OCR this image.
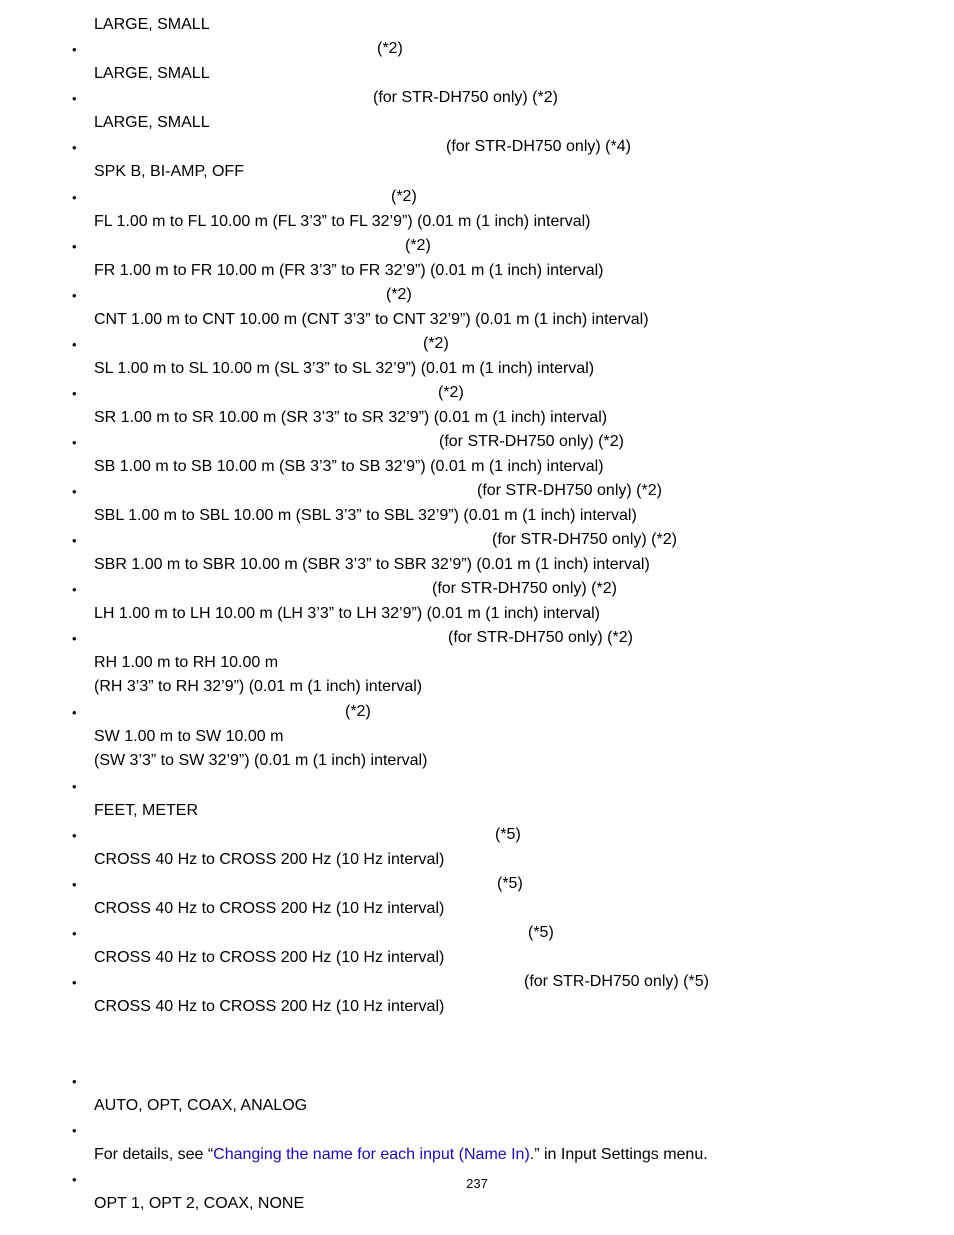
LARGE, SMALL
•	(*2)
LARGE, SMALL
•	(for STR-DH750 only) (*2)
LARGE, SMALL
•	(for STR-DH750 only) (*4)
SPK B, BI-AMP, OFF
•	(*2)
FL 1.00 m to FL 10.00 m (FL 3’3” to FL 32’9”) (0.01 m (1 inch) interval)
•	(*2)
FR 1.00 m to FR 10.00 m (FR 3’3” to FR 32’9”) (0.01 m (1 inch) interval)
•	(*2)
CNT 1.00 m to CNT 10.00 m (CNT 3’3” to CNT 32’9”) (0.01 m (1 inch) interval)
•	(*2)
SL 1.00 m to SL 10.00 m (SL 3’3” to SL 32’9”) (0.01 m (1 inch) interval)
•	(*2)
SR 1.00 m to SR 10.00 m (SR 3’3” to SR 32’9”) (0.01 m (1 inch) interval)
•	(for STR-DH750 only) (*2)
SB 1.00 m to SB 10.00 m (SB 3’3” to SB 32’9”) (0.01 m (1 inch) interval)
•	(for STR-DH750 only) (*2)
SBL 1.00 m to SBL 10.00 m (SBL 3’3” to SBL 32’9”) (0.01 m (1 inch) interval)
•	(for STR-DH750 only) (*2)
SBR 1.00 m to SBR 10.00 m (SBR 3’3” to SBR 32’9”) (0.01 m (1 inch) interval)
•	(for STR-DH750 only) (*2)
LH 1.00 m to LH 10.00 m (LH 3’3” to LH 32’9”) (0.01 m (1 inch) interval)
•	(for STR-DH750 only) (*2)
RH 1.00 m to RH 10.00 m
(RH 3’3” to RH 32’9”) (0.01 m (1 inch) interval)
•	(*2)
SW 1.00 m to SW 10.00 m
(SW 3’3” to SW 32’9”) (0.01 m (1 inch) interval)
•
FEET, METER
•	(*5)
CROSS 40 Hz to CROSS 200 Hz (10 Hz interval)
•	(*5)
CROSS 40 Hz to CROSS 200 Hz (10 Hz interval)
•	(*5)
CROSS 40 Hz to CROSS 200 Hz (10 Hz interval)
•	(for STR-DH750 only) (*5)
CROSS 40 Hz to CROSS 200 Hz (10 Hz interval)
•
AUTO, OPT, COAX, ANALOG
•
For details, see “Changing the name for each input (Name In).” in Input Settings menu.
•
OPT 1, OPT 2, COAX, NONE
237
